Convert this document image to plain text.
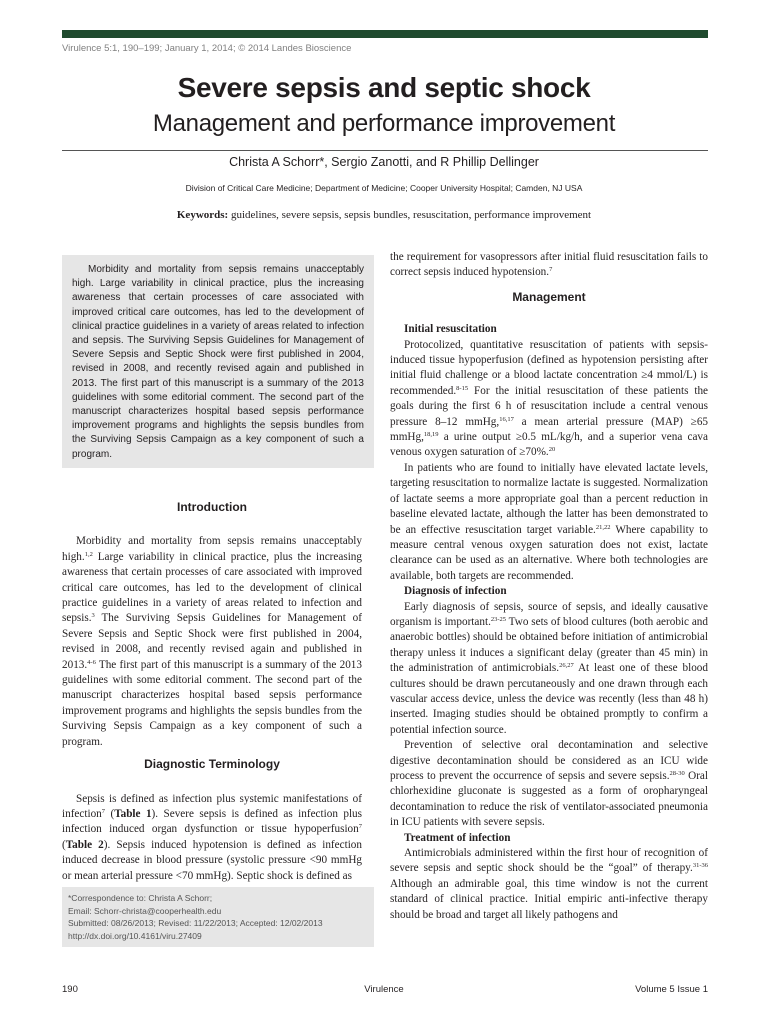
Virulence 5:1, 190–199; January 1, 2014; © 2014 Landes Bioscience
Severe sepsis and septic shock
Management and performance improvement
Christa A Schorr*, Sergio Zanotti, and R Phillip Dellinger
Division of Critical Care Medicine; Department of Medicine; Cooper University Hospital; Camden, NJ USA
Keywords: guidelines, severe sepsis, sepsis bundles, resuscitation, performance improvement
Morbidity and mortality from sepsis remains unacceptably high. Large variability in clinical practice, plus the increasing awareness that certain processes of care associated with improved critical care outcomes, has led to the development of clinical practice guidelines in a variety of areas related to infection and sepsis. The Surviving Sepsis Guidelines for Management of Severe Sepsis and Septic Shock were first published in 2004, revised in 2008, and recently revised again and published in 2013. The first part of this manuscript is a summary of the 2013 guidelines with some editorial comment. The second part of the manuscript characterizes hospital based sepsis performance improvement programs and highlights the sepsis bundles from the Surviving Sepsis Campaign as a key component of such a program.
Introduction

Morbidity and mortality from sepsis remains unacceptably high.$^{1,2}$ Large variability in clinical practice, plus the increasing awareness that certain processes of care associated with improved critical care outcomes, has led to the development of clinical practice guidelines in a variety of areas related to infection and sepsis.$^3$ The Surviving Sepsis Guidelines for Management of Severe Sepsis and Septic Shock were first published in 2004, revised in 2008, and recently revised again and published in 2013.$^{4-6}$ The first part of this manuscript is a summary of the 2013 guidelines with some editorial comment. The second part of the manuscript characterizes hospital based sepsis performance improvement programs and highlights the sepsis bundles from the Surviving Sepsis Campaign as a key component of such a program.

Diagnostic Terminology

Sepsis is defined as infection plus systemic manifestations of infection$^7$ (Table 1). Severe sepsis is defined as infection plus infection induced organ dysfunction or tissue hypoperfusion$^7$ (Table 2). Sepsis induced hypotension is defined as infection induced decrease in blood pressure (systolic pressure <90 mmHg or mean arterial pressure <70 mmHg). Septic shock is defined as

*Correspondence to: Christa A Schorr;
Email: Schorr-christa@cooperhealth.edu
Submitted: 08/26/2013; Revised: 11/22/2013; Accepted: 12/02/2013
http://dx.doi.org/10.4161/viru.27409

the requirement for vasopressors after initial fluid resuscitation fails to correct sepsis induced hypotension.$^7$

Management
Initial resuscitation

Protocolized, quantitative resuscitation of patients with sepsis-induced tissue hypoperfusion (defined as hypotension persisting after initial fluid challenge or a blood lactate concentration ≥4 mmol/L) is recommended.$^{8-15}$ For the initial resuscitation of these patients the goals during the first 6 h of resuscitation include a central venous pressure 8–12 mmHg,$^{16,17}$ a mean arterial pressure (MAP) ≥65 mmHg,$^{18,19}$ a urine output ≥0.5 mL/kg/h, and a superior vena cava venous oxygen saturation of ≥70%.$^{20}$

In patients who are found to initially have elevated lactate levels, targeting resuscitation to normalize lactate is suggested. Normalization of lactate seems a more appropriate goal than a percent reduction in baseline elevated lactate, although the latter has been demonstrated to be an effective resuscitation target variable.$^{21,22}$ Where capability to measure central venous oxygen saturation does not exist, lactate clearance can be used as an alternative. Where both technologies are available, both targets are recommended.

Diagnosis of infection

Early diagnosis of sepsis, source of sepsis, and ideally causative organism is important.$^{23-25}$ Two sets of blood cultures (both aerobic and anaerobic bottles) should be obtained before initiation of antimicrobial therapy unless it induces a significant delay (greater than 45 min) in the administration of antimicrobials.$^{26,27}$ At least one of these blood cultures should be drawn percutaneously and one drawn through each vascular access device, unless the device was recently (less than 48 h) inserted. Imaging studies should be obtained promptly to confirm a potential infection source.

Prevention of selective oral decontamination and selective digestive decontamination should be considered as an ICU wide process to prevent the occurrence of sepsis and severe sepsis.$^{28-30}$ Oral chlorhexidine gluconate is suggested as a form of oropharyngeal decontamination to reduce the risk of ventilator-associated pneumonia in ICU patients with severe sepsis.

Treatment of infection

Antimicrobials administered within the first hour of recognition of severe sepsis and septic shock should be the “goal” of therapy.$^{31-36}$ Although an admirable goal, this time window is not the current standard of clinical practice. Initial empiric anti-infective therapy should be broad and target all likely pathogens and

190	Virulence	Volume 5 Issue 1
